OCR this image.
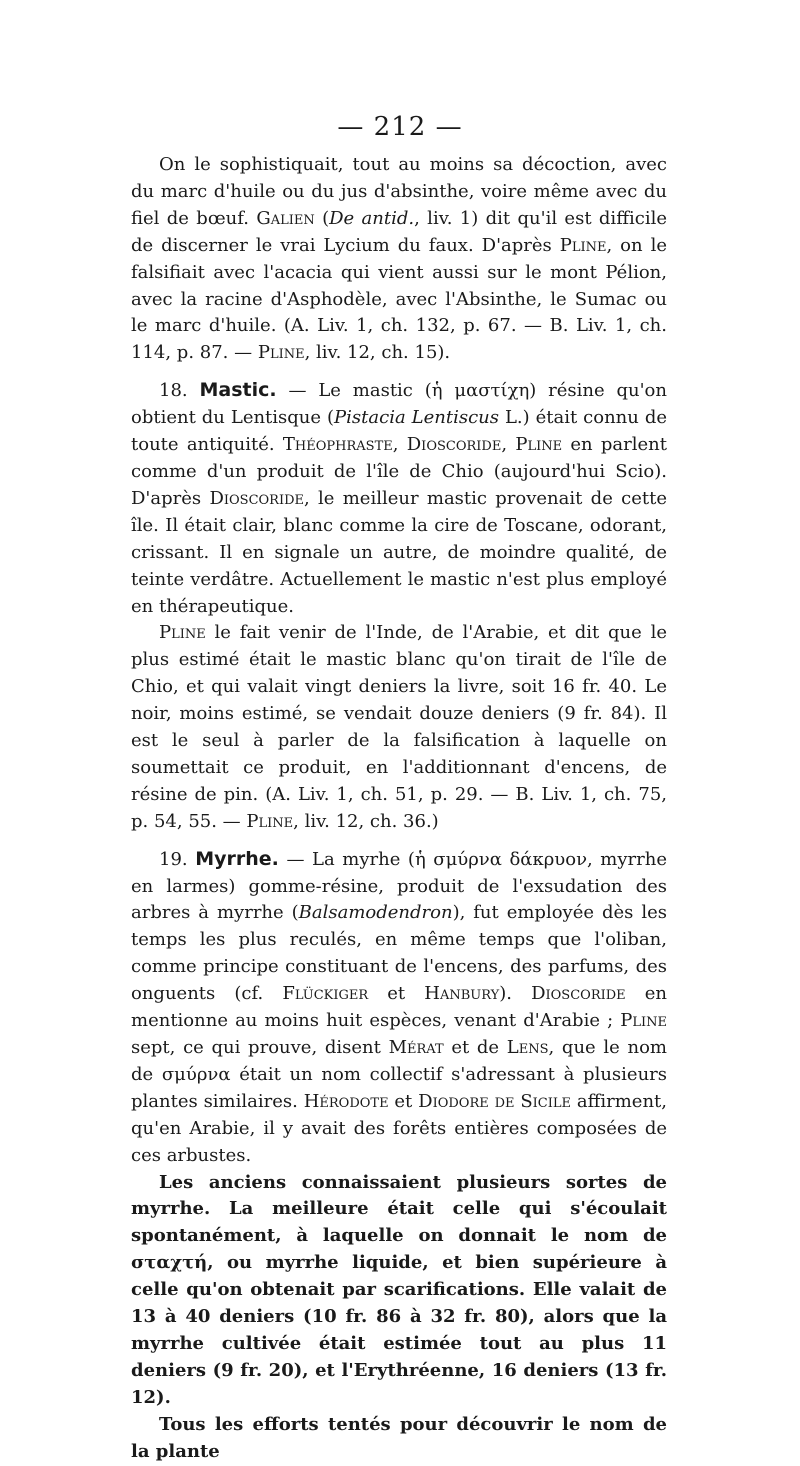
— 212 —

On le sophistiquait, tout au moins sa décoction, avec du marc d'huile ou du jus d'absinthe, voire même avec du fiel de bœuf. Galien (De antid., liv. 1) dit qu'il est difficile de discerner le vrai Lycium du faux. D'après Pline, on le falsifiait avec l'acacia qui vient aussi sur le mont Pélion, avec la racine d'Asphodèle, avec l'Absinthe, le Sumac ou le marc d'huile. (A. Liv. 1, ch. 132, p. 67. — B. Liv. 1, ch. 114, p. 87. — Pline, liv. 12, ch. 15).

18. Mastic. — Le mastic (ἡ μαστίχη) résine qu'on obtient du Lentisque (Pistacia Lentiscus L.) était connu de toute antiquité. Théophraste, Dioscoride, Pline en parlent comme d'un produit de l'île de Chio (aujourd'hui Scio). D'après Dioscoride, le meilleur mastic provenait de cette île. Il était clair, blanc comme la cire de Toscane, odorant, crissant. Il en signale un autre, de moindre qualité, de teinte verdâtre. Actuellement le mastic n'est plus employé en thérapeutique.

Pline le fait venir de l'Inde, de l'Arabie, et dit que le plus estimé était le mastic blanc qu'on tirait de l'île de Chio, et qui valait vingt deniers la livre, soit 16 fr. 40. Le noir, moins estimé, se vendait douze deniers (9 fr. 84). Il est le seul à parler de la falsification à laquelle on soumettait ce produit, en l'additionnant d'encens, de résine de pin. (A. Liv. 1, ch. 51, p. 29. — B. Liv. 1, ch. 75, p. 54, 55. — Pline, liv. 12, ch. 36.)

19. Myrrhe. — La myrhe (ἡ σμύρνα δάκρυον, myrrhe en larmes) gomme-résine, produit de l'exsudation des arbres à myrrhe (Balsamodendron), fut employée dès les temps les plus reculés, en même temps que l'oliban, comme principe constituant de l'encens, des parfums, des onguents (cf. Flückiger et Hanbury). Dioscoride en mentionne au moins huit espèces, venant d'Arabie ; Pline sept, ce qui prouve, disent Mérat et de Lens, que le nom de σμύρνα était un nom collectif s'adressant à plusieurs plantes similaires. Hérodote et Diodore de Sicile affirment, qu'en Arabie, il y avait des forêts entières composées de ces arbustes.

Les anciens connaissaient plusieurs sortes de myrrhe. La meilleure était celle qui s'écoulait spontanément, à laquelle on donnait le nom de σταχτή, ou myrrhe liquide, et bien supérieure à celle qu'on obtenait par scarifications. Elle valait de 13 à 40 deniers (10 fr. 86 à 32 fr. 80), alors que la myrrhe cultivée était estimée tout au plus 11 deniers (9 fr. 20), et l'Erythréenne, 16 deniers (13 fr. 12).

Tous les efforts tentés pour découvrir le nom de la plante
